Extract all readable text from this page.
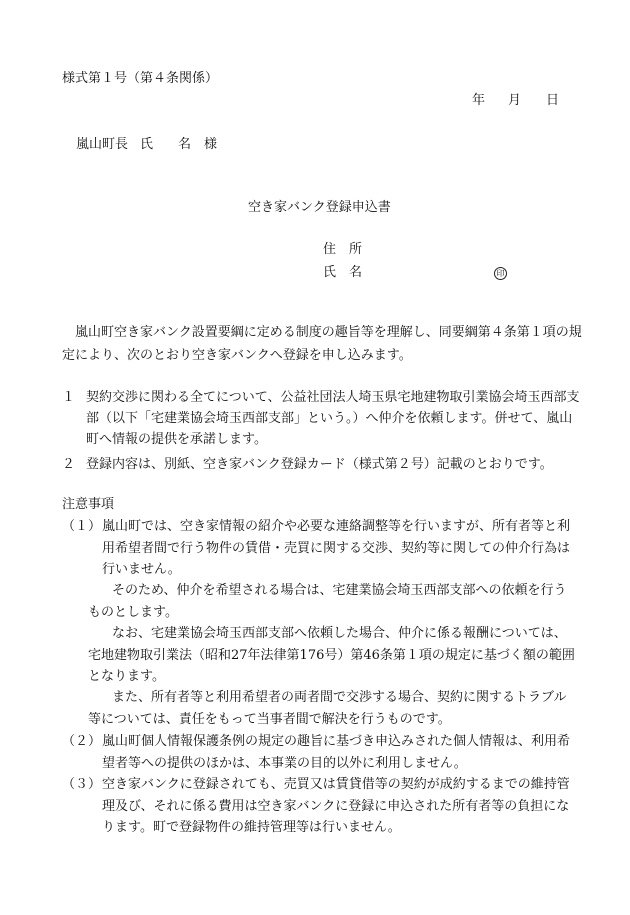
様式第１号（第４条関係）
年 月 日
嵐山町長 氏 名 様
空き家バンク登録申込書
住　所
氏　名	印
嵐山町空き家バンク設置要綱に定める制度の趣旨等を理解し、同要綱第４条第１項の規定により、次のとおり空き家バンクへ登録を申し込みます。
１ 契約交渉に関わる全てについて、公益社団法人埼玉県宅地建物取引業協会埼玉西部支部（以下「宅建業協会埼玉西部支部」という。）へ仲介を依頼します。併せて、嵐山町へ情報の提供を承諾します。
２ 登録内容は、別紙、空き家バンク登録カード（様式第２号）記載のとおりです。
注意事項
（１） 嵐山町では、空き家情報の紹介や必要な連絡調整等を行いますが、所有者等と利用希望者間で行う物件の賃借・売買に関する交渉、契約等に関しての仲介行為は行いません。
そのため、仲介を希望される場合は、宅建業協会埼玉西部支部への依頼を行うものとします。
なお、宅建業協会埼玉西部支部へ依頼した場合、仲介に係る報酬については、宅地建物取引業法（昭和27年法律第176号）第46条第１項の規定に基づく額の範囲となります。
また、所有者等と利用希望者の両者間で交渉する場合、契約に関するトラブル等については、責任をもって当事者間で解決を行うものです。
（２） 嵐山町個人情報保護条例の規定の趣旨に基づき申込みされた個人情報は、利用希望者等への提供のほかは、本事業の目的以外に利用しません。
（３） 空き家バンクに登録されても、売買又は賃貸借等の契約が成約するまでの維持管理及び、それに係る費用は空き家バンクに登録に申込された所有者等の負担になります。町で登録物件の維持管理等は行いません。
